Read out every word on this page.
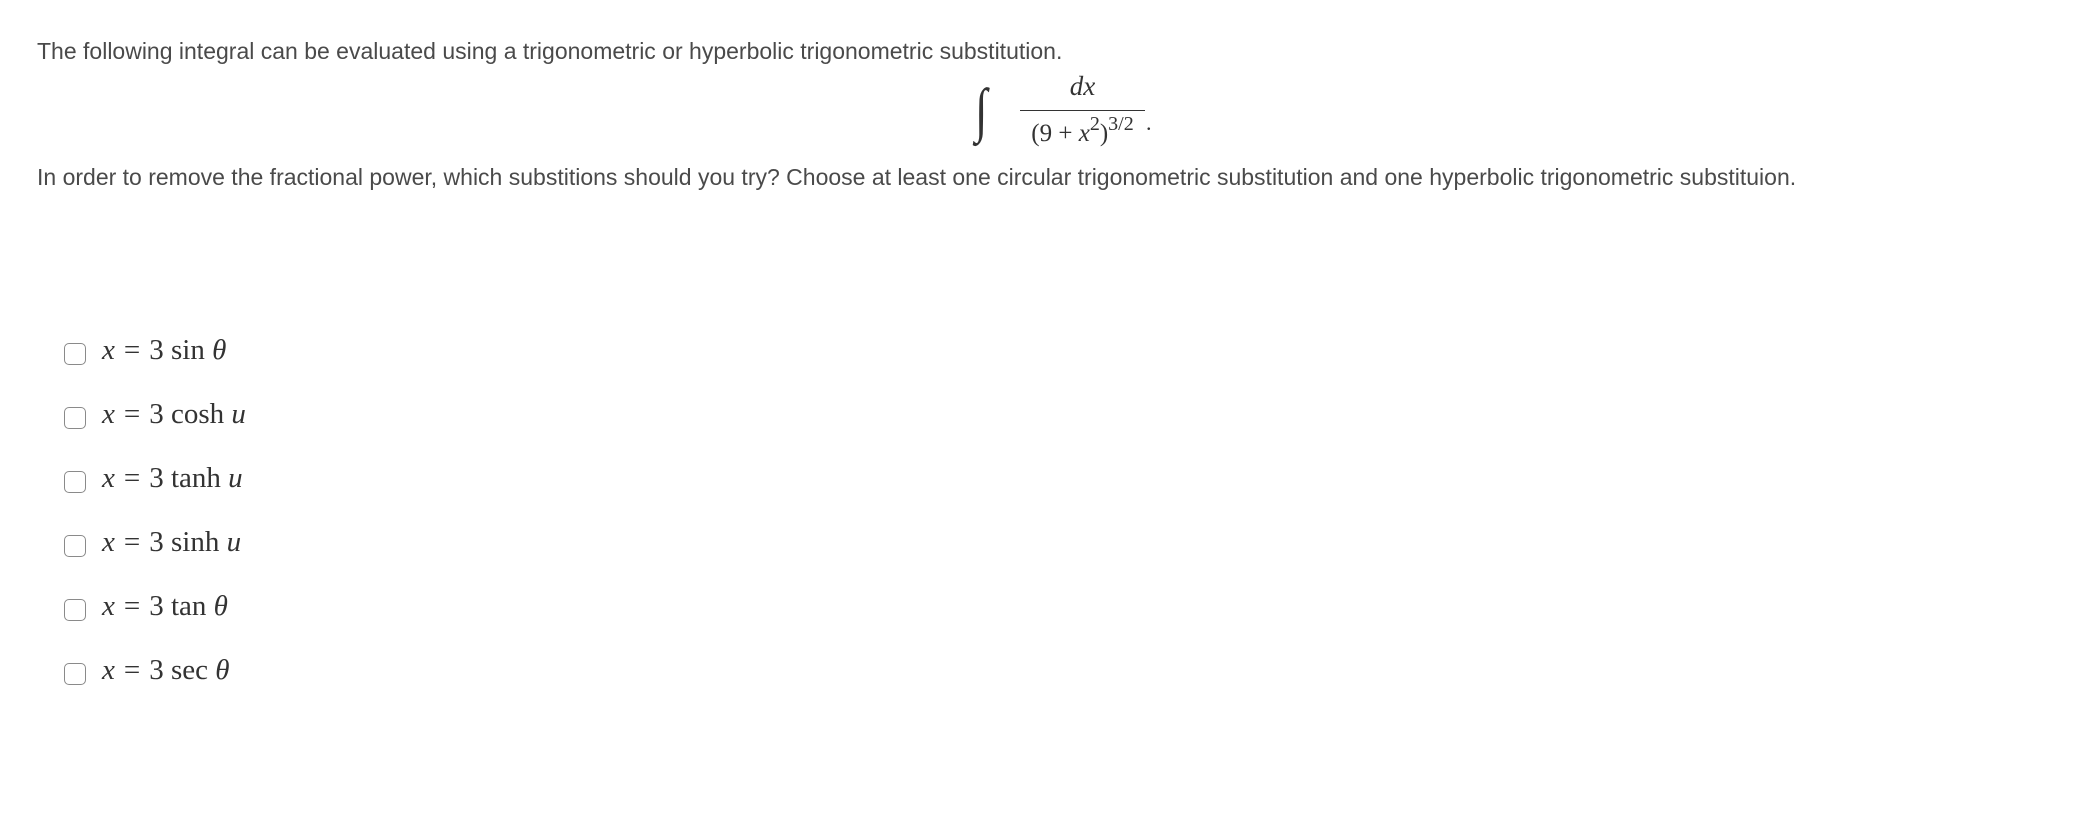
The following integral can be evaluated using a trigonometric or hyperbolic trigonometric substitution.
∫	dx
$(9 + x^2)^{3/2}$ .
In order to remove the fractional power, which substitions should you try? Choose at least one circular trigonometric substitution and one hyperbolic trigonometric substituion.
x = 3 sin θ
x = 3 cosh u
x = 3 tanh u
x = 3 sinh u
x = 3 tan θ
x = 3 sec θ
